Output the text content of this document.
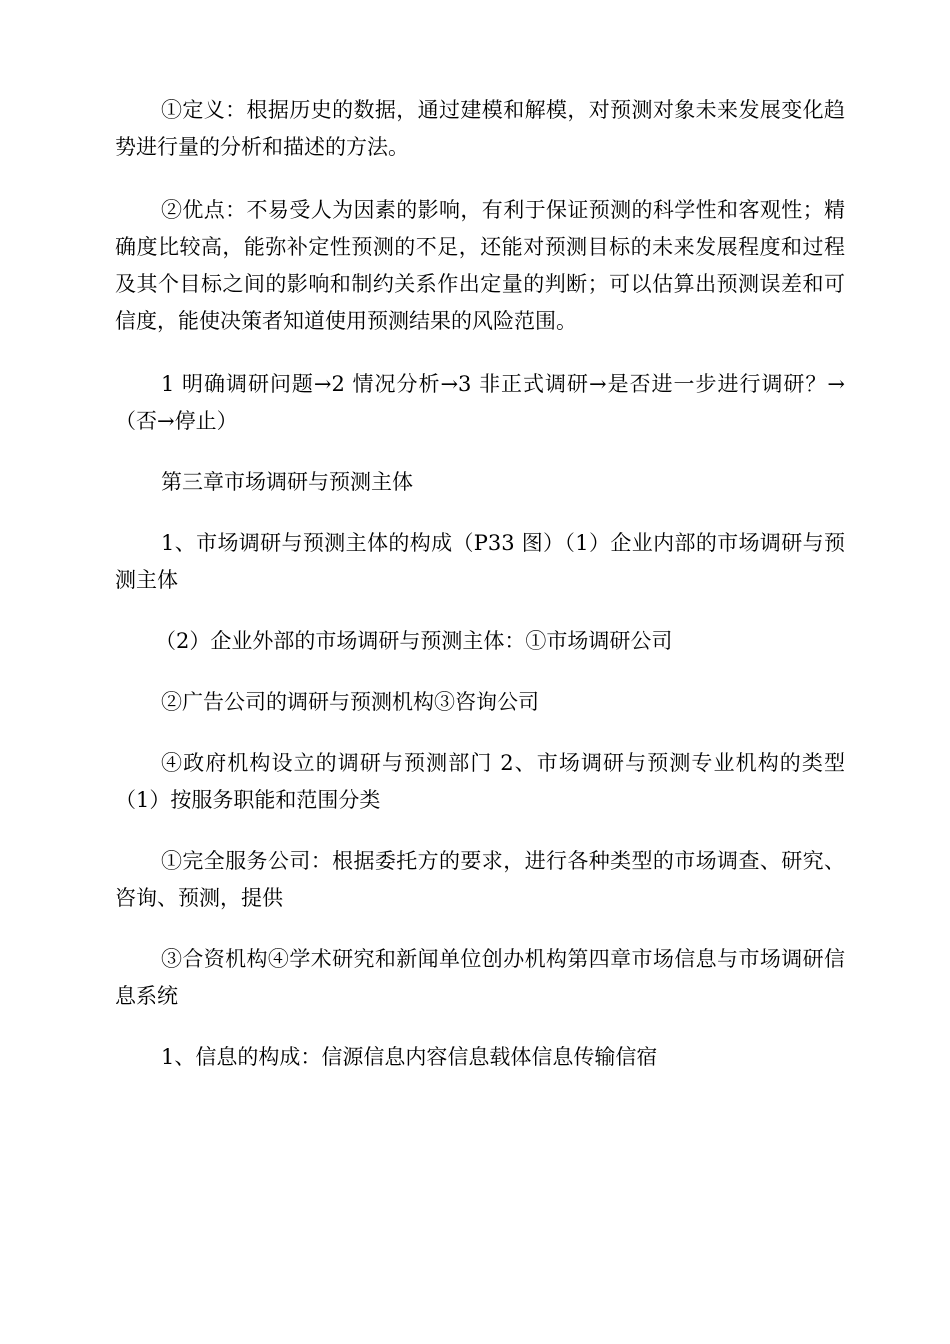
①定义：根据历史的数据，通过建模和解模，对预测对象未来发展变化趋势进行量的分析和描述的方法。

②优点：不易受人为因素的影响，有利于保证预测的科学性和客观性；精确度比较高，能弥补定性预测的不足，还能对预测目标的未来发展程度和过程及其个目标之间的影响和制约关系作出定量的判断；可以估算出预测误差和可信度，能使决策者知道使用预测结果的风险范围。

1 明确调研问题→2 情况分析→3 非正式调研→是否进一步进行调研？→（否→停止）

第三章市场调研与预测主体

1、市场调研与预测主体的构成（P33 图）（1）企业内部的市场调研与预测主体

（2）企业外部的市场调研与预测主体：①市场调研公司

②广告公司的调研与预测机构③咨询公司

④政府机构设立的调研与预测部门 2、市场调研与预测专业机构的类型（1）按服务职能和范围分类

①完全服务公司：根据委托方的要求，进行各种类型的市场调查、研究、咨询、预测，提供

③合资机构④学术研究和新闻单位创办机构第四章市场信息与市场调研信息系统

1、信息的构成：信源信息内容信息载体信息传输信宿
